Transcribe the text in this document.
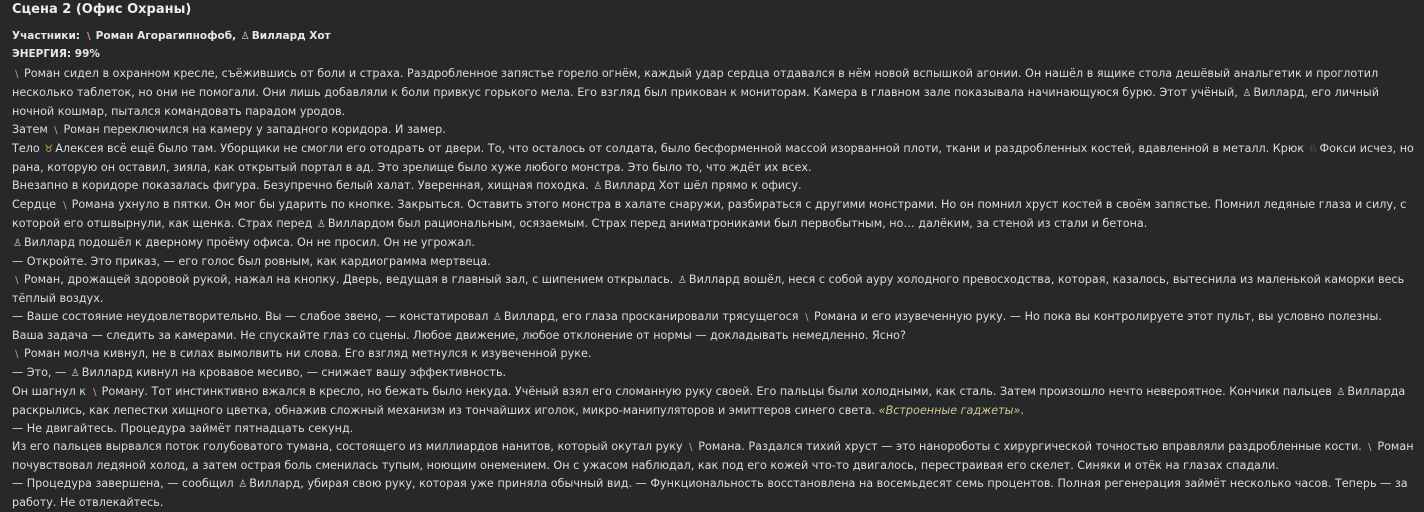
Сцена 2 (Офис Охраны)
Участники: / Роман Агорагипнофоб, ♙ Виллард Хот
ЭНЕРГИЯ: 99%

/ Роман сидел в охранном кресле, съёжившись от боли и страха. Раздробленное запястье горело огнём, каждый удар сердца отдавался в нём новой вспышкой агонии. Он нашёл в ящике стола дешёвый анальгетик и проглотил несколько таблеток, но они не помогали. Они лишь добавляли к боли привкус горького мела. Его взгляд был прикован к мониторам. Камера в главном зале показывала начинающуюся бурю. Этот учёный, ♙ Виллард, его личный ночной кошмар, пытался командовать парадом уродов.

Затем / Роман переключился на камеру у западного коридора. И замер.

Тело ♉ Алексея всё ещё было там. Уборщики не смогли его отодрать от двери. То, что осталось от солдата, было бесформенной массой изорванной плоти, ткани и раздробленных костей, вдавленной в металл. Крюк ♘ Фокси исчез, но рана, которую он оставил, зияла, как открытый портал в ад. Это зрелище было хуже любого монстра. Это было то, что ждёт их всех.

Внезапно в коридоре показалась фигура. Безупречно белый халат. Уверенная, хищная походка. ♙ Виллард Хот шёл прямо к офису.

Сердце / Романа ухнуло в пятки. Он мог бы ударить по кнопке. Закрыться. Оставить этого монстра в халате снаружи, разбираться с другими монстрами. Но он помнил хруст костей в своём запястье. Помнил ледяные глаза и силу, с которой его отшвырнули, как щенка. Страх перед ♙ Виллардом был рациональным, осязаемым. Страх перед аниматрониками был первобытным, но… далёким, за стеной из стали и бетона.

♙ Виллард подошёл к дверному проёму офиса. Он не просил. Он не угрожал.

— Откройте. Это приказ, — его голос был ровным, как кардиограмма мертвеца.

/ Роман, дрожащей здоровой рукой, нажал на кнопку. Дверь, ведущая в главный зал, с шипением открылась. ♙ Виллард вошёл, неся с собой ауру холодного превосходства, которая, казалось, вытеснила из маленькой каморки весь тёплый воздух.

— Ваше состояние неудовлетворительно. Вы — слабое звено, — констатировал ♙ Виллард, его глаза просканировали трясущегося / Романа и его изувеченную руку. — Но пока вы контролируете этот пульт, вы условно полезны.

Ваша задача — следить за камерами. Не спускайте глаз со сцены. Любое движение, любое отклонение от нормы — докладывать немедленно. Ясно?

/ Роман молча кивнул, не в силах вымолвить ни слова. Его взгляд метнулся к изувеченной руке.

— Это, — ♙ Виллард кивнул на кровавое месиво, — снижает вашу эффективность.

Он шагнул к / Роману. Тот инстинктивно вжался в кресло, но бежать было некуда. Учёный взял его сломанную руку своей. Его пальцы были холодными, как сталь. Затем произошло нечто невероятное. Кончики пальцев ♙ Вилларда раскрылись, как лепестки хищного цветка, обнажив сложный механизм из тончайших иголок, микро-манипуляторов и эмиттеров синего света. «Встроенные гаджеты».

— Не двигайтесь. Процедура займёт пятнадцать секунд.

Из его пальцев вырвался поток голубоватого тумана, состоящего из миллиардов нанитов, который окутал руку / Романа. Раздался тихий хруст — это нанороботы с хирургической точностью вправляли раздробленные кости. / Роман почувствовал ледяной холод, а затем острая боль сменилась тупым, ноющим онемением. Он с ужасом наблюдал, как под его кожей что-то двигалось, перестраивая его скелет. Синяки и отёк на глазах спадали.

— Процедура завершена, — сообщил ♙ Виллард, убирая свою руку, которая уже приняла обычный вид. — Функциональность восстановлена на восемьдесят семь процентов. Полная регенерация займёт несколько часов. Теперь — за работу. Не отвлекайтесь.
